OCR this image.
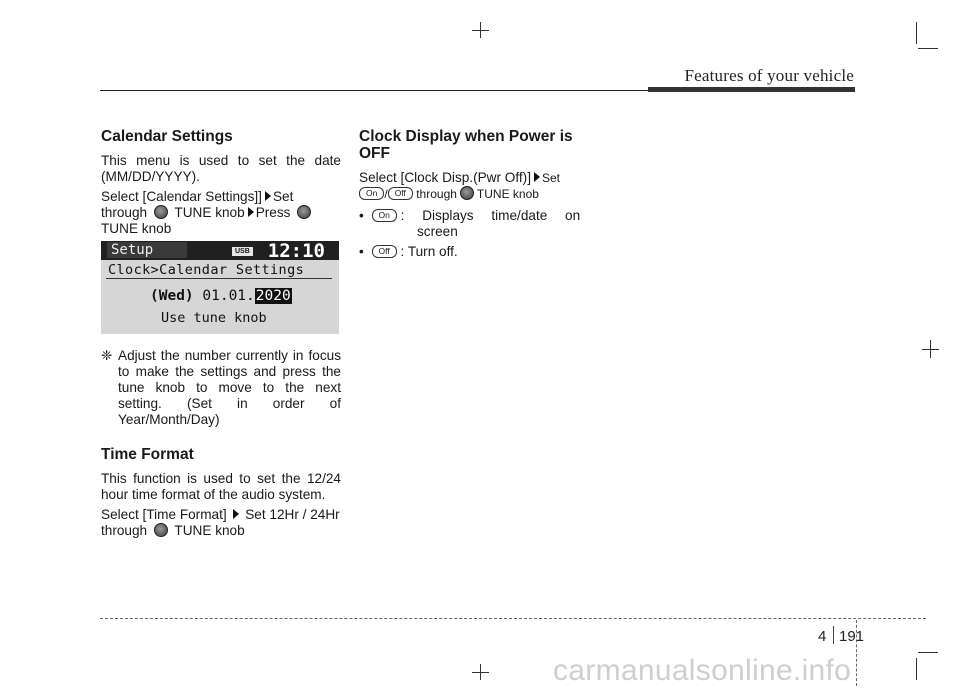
Features of your vehicle
Calendar Settings

This menu is used to set the date (MM/DD/YYYY).

Select [Calendar Settings]] Set
through TUNE knob Press
TUNE knob

Setup	USB 12:10
Clock>Calendar Settings
(Wed) 01.01.2020
Use tune knob
❈ Adjust the number currently in focus to make the settings and press the tune knob to move to the next setting. (Set in order of Year/Month/Day)

Time Format

This function is used to set the 12/24 hour time format of the audio system.

Select [Time Format] Set 12Hr / 24Hr through TUNE knob

Clock Display when Power is OFF

Select [Clock Disp.(Pwr Off)] Set
On / Off through TUNE knob

• On : Displays time/date on
screen
• Off : Turn off.
4 191
carmanualsonline.info
